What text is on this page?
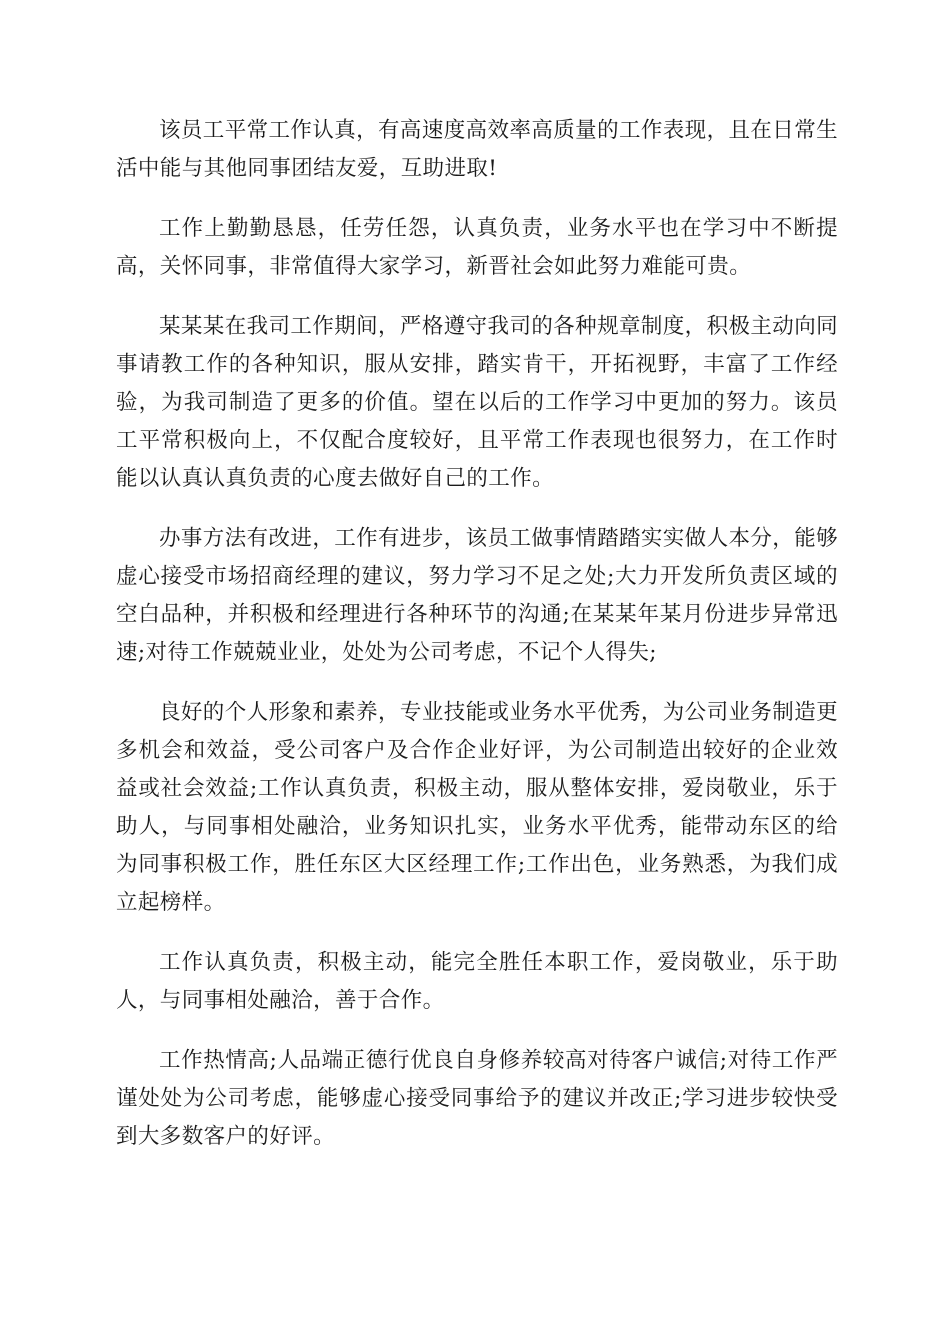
该员工平常工作认真，有高速度高效率高质量的工作表现，且在日常生活中能与其他同事团结友爱，互助进取!

工作上勤勤恳恳，任劳任怨，认真负责，业务水平也在学习中不断提高，关怀同事，非常值得大家学习，新晋社会如此努力难能可贵。

某某某在我司工作期间，严格遵守我司的各种规章制度，积极主动向同事请教工作的各种知识，服从安排，踏实肯干，开拓视野，丰富了工作经验，为我司制造了更多的价值。望在以后的工作学习中更加的努力。该员工平常积极向上，不仅配合度较好，且平常工作表现也很努力，在工作时能以认真认真负责的心度去做好自己的工作。

办事方法有改进，工作有进步，该员工做事情踏踏实实做人本分，能够虚心接受市场招商经理的建议，努力学习不足之处;大力开发所负责区域的空白品种，并积极和经理进行各种环节的沟通;在某某年某月份进步异常迅速;对待工作兢兢业业，处处为公司考虑，不记个人得失;

良好的个人形象和素养，专业技能或业务水平优秀，为公司业务制造更多机会和效益，受公司客户及合作企业好评，为公司制造出较好的企业效益或社会效益;工作认真负责，积极主动，服从整体安排，爱岗敬业，乐于助人，与同事相处融洽，业务知识扎实，业务水平优秀，能带动东区的给为同事积极工作，胜任东区大区经理工作;工作出色，业务熟悉，为我们成立起榜样。

工作认真负责，积极主动，能完全胜任本职工作，爱岗敬业，乐于助人，与同事相处融洽，善于合作。

工作热情高;人品端正德行优良自身修养较高对待客户诚信;对待工作严谨处处为公司考虑，能够虚心接受同事给予的建议并改正;学习进步较快受到大多数客户的好评。
